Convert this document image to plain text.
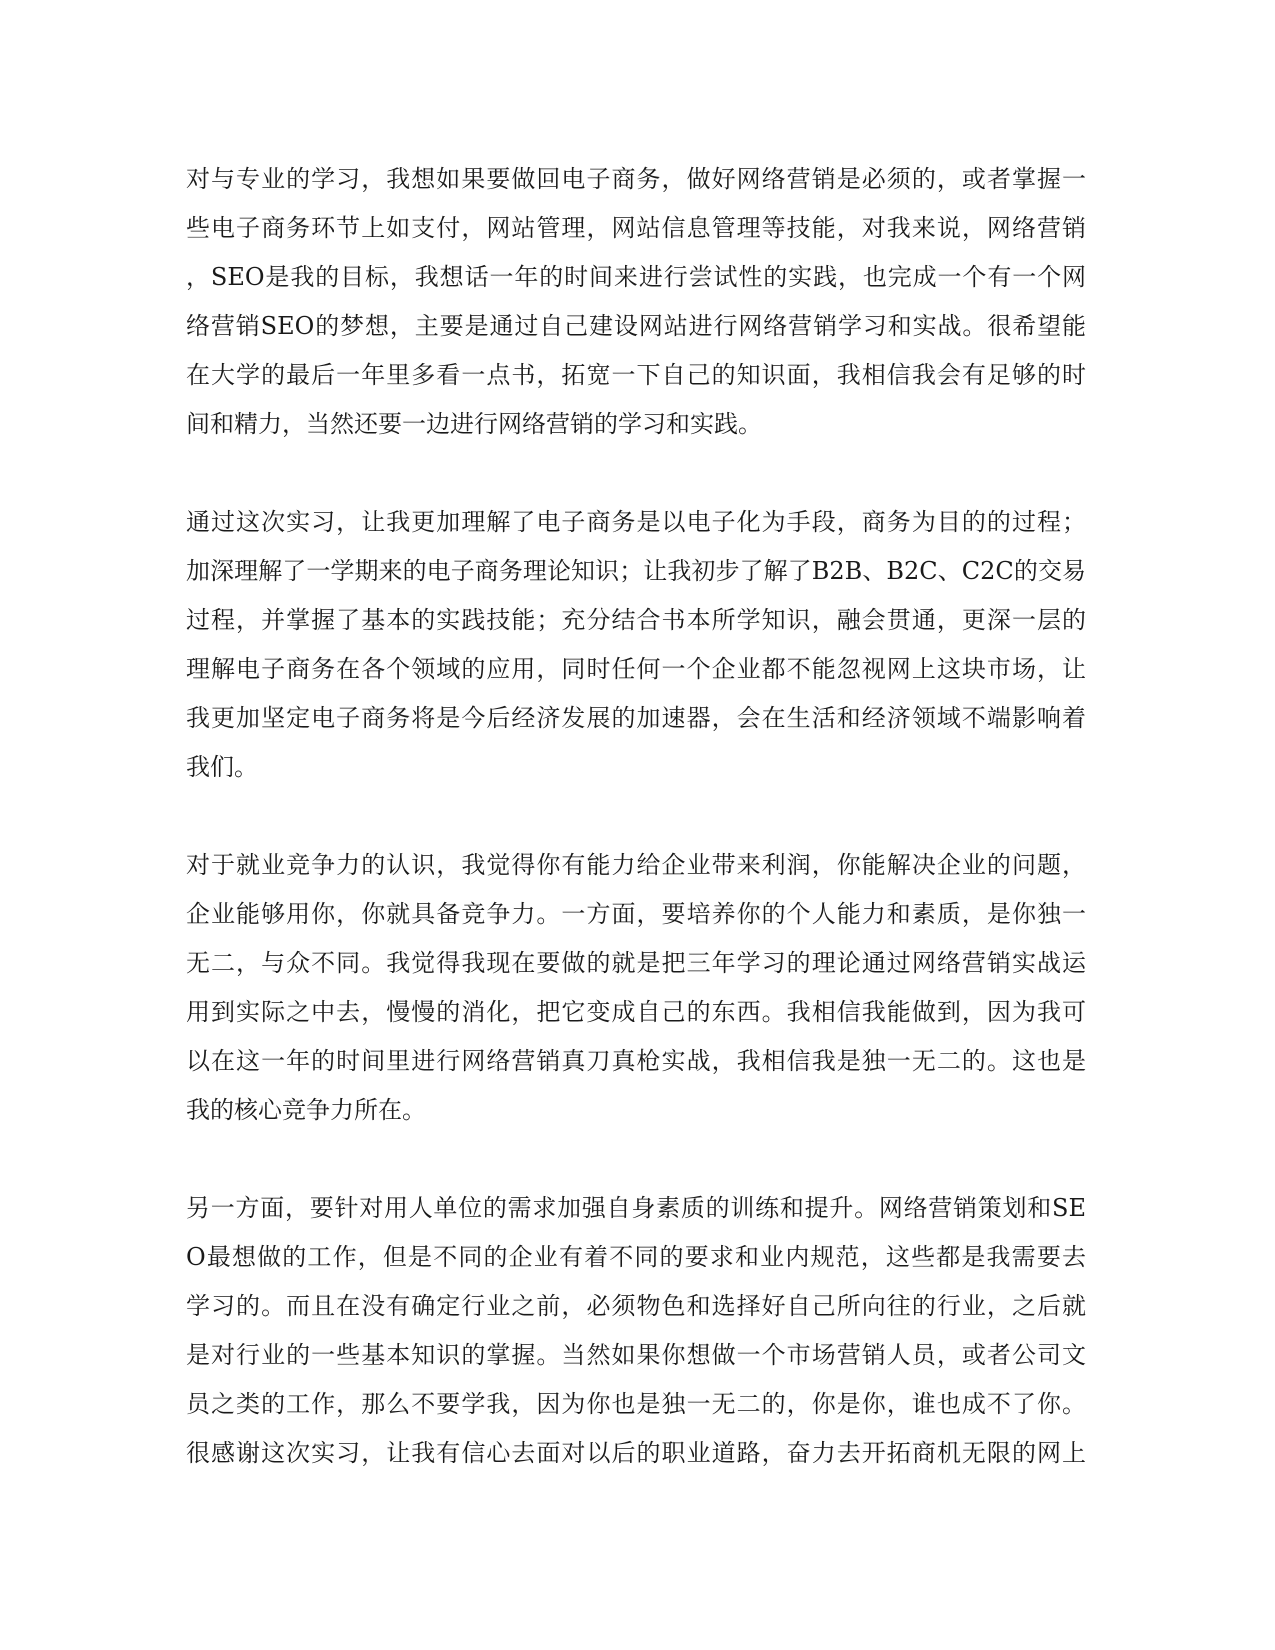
对与专业的学习，我想如果要做回电子商务，做好网络营销是必须的，或者掌握一
些电子商务环节上如支付，网站管理，网站信息管理等技能，对我来说，网络营销
，SEO是我的目标，我想话一年的时间来进行尝试性的实践，也完成一个有一个网
络营销SEO的梦想，主要是通过自己建设网站进行网络营销学习和实战。很希望能
在大学的最后一年里多看一点书，拓宽一下自己的知识面，我相信我会有足够的时
间和精力，当然还要一边进行网络营销的学习和实践。

通过这次实习，让我更加理解了电子商务是以电子化为手段，商务为目的的过程；
加深理解了一学期来的电子商务理论知识；让我初步了解了B2B、B2C、C2C的交易
过程，并掌握了基本的实践技能；充分结合书本所学知识，融会贯通，更深一层的
理解电子商务在各个领域的应用，同时任何一个企业都不能忽视网上这块市场，让
我更加坚定电子商务将是今后经济发展的加速器，会在生活和经济领域不端影响着
我们。

对于就业竞争力的认识，我觉得你有能力给企业带来利润，你能解决企业的问题，
企业能够用你，你就具备竞争力。一方面，要培养你的个人能力和素质，是你独一
无二，与众不同。我觉得我现在要做的就是把三年学习的理论通过网络营销实战运
用到实际之中去，慢慢的消化，把它变成自己的东西。我相信我能做到，因为我可
以在这一年的时间里进行网络营销真刀真枪实战，我相信我是独一无二的。这也是
我的核心竞争力所在。

另一方面，要针对用人单位的需求加强自身素质的训练和提升。网络营销策划和SE
O最想做的工作，但是不同的企业有着不同的要求和业内规范，这些都是我需要去
学习的。而且在没有确定行业之前，必须物色和选择好自己所向往的行业，之后就
是对行业的一些基本知识的掌握。当然如果你想做一个市场营销人员，或者公司文
员之类的工作，那么不要学我，因为你也是独一无二的，你是你，谁也成不了你。
很感谢这次实习，让我有信心去面对以后的职业道路，奋力去开拓商机无限的网上
